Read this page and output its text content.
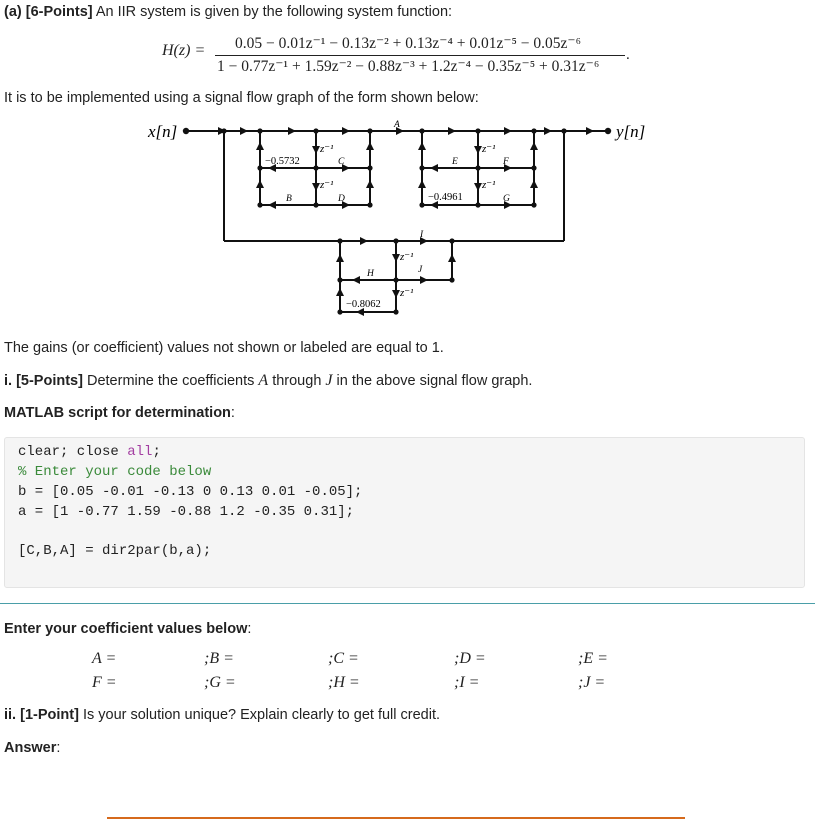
(a) [6-Points] An IIR system is given by the following system function:
H(z) = 0.05 − 0.01z⁻¹ − 0.13z⁻² + 0.13z⁻⁴ + 0.01z⁻⁵ − 0.05z⁻⁶
1 − 0.77z⁻¹ + 1.59z⁻² − 0.88z⁻³ + 1.2z⁻⁴ − 0.35z⁻⁵ + 0.31z⁻⁶
.
It is to be implemented using a signal flow graph of the form shown below:
x[n]	y[n]
z⁻¹
z⁻¹
z⁻¹
z⁻¹
z⁻¹
z⁻¹
−0.5732
−0.4961
−0.8062
A
B
C
D
E	F
G
H
I
J
The gains (or coefficient) values not shown or labeled are equal to 1.
i. [5-Points] Determine the coefficients A through J in the above signal flow graph.
MATLAB script for determination:
clear; close all;
% Enter your code below
b = [0.05 -0.01 -0.13 0 0.13 0.01 -0.05];
a = [1 -0.77 1.59 -0.88 1.2 -0.35 0.31];
[C,B,A] = dir2par(b,a);
Enter your coefficient values below:
A =	;B =	;C =	;D =	;E =
F =	;G =	;H =	;I =	;J =
ii. [1-Point] Is your solution unique? Explain clearly to get full credit.
Answer:
